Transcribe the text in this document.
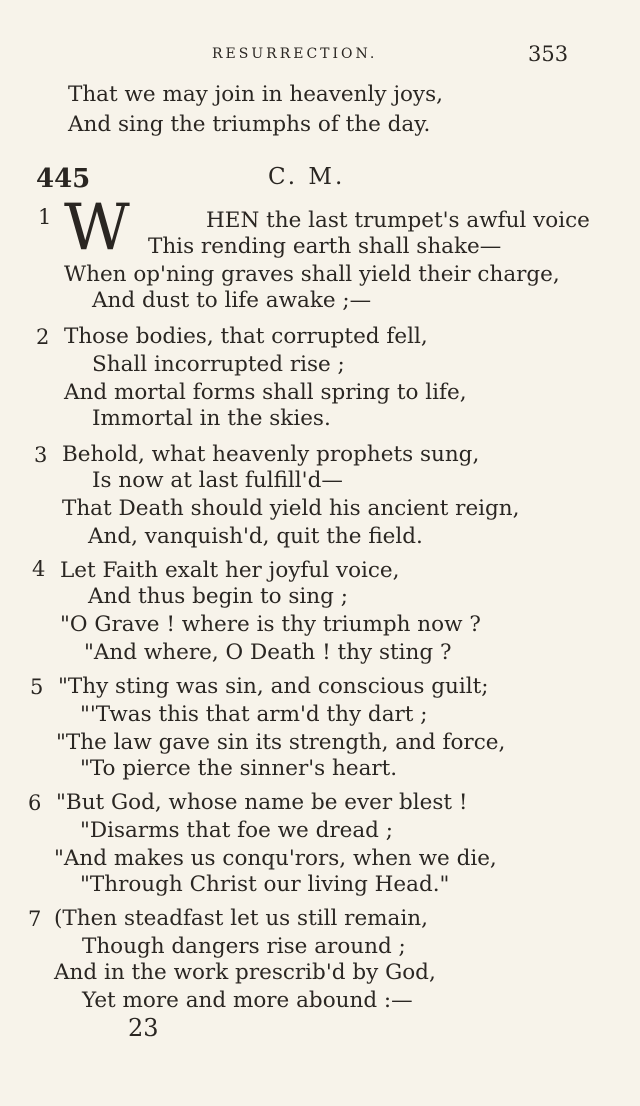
RESURRECTION.	353
That we may join in heavenly joys,
And sing the triumphs of the day.
445	C. M.
1 W	HEN the last trumpet's awful voice
This rending earth shall shake—
When op'ning graves shall yield their charge,
And dust to life awake ;—
2 Those bodies, that corrupted fell,
Shall incorrupted rise ;
And mortal forms shall spring to life,
Immortal in the skies.
3 Behold, what heavenly prophets sung,
Is now at last fulfill'd—
That Death should yield his ancient reign,
And, vanquish'd, quit the field.
4 Let Faith exalt her joyful voice,
And thus begin to sing ;
"O Grave ! where is thy triumph now ?
"And where, O Death ! thy sting ?
5 "Thy sting was sin, and conscious guilt;
"'Twas this that arm'd thy dart ;
"The law gave sin its strength, and force,
"To pierce the sinner's heart.
6 "But God, whose name be ever blest !
"Disarms that foe we dread ;
"And makes us conqu'rors, when we die,
"Through Christ our living Head."
7 (Then steadfast let us still remain,
Though dangers rise around ;
And in the work prescrib'd by God,
Yet more and more abound :—
23
